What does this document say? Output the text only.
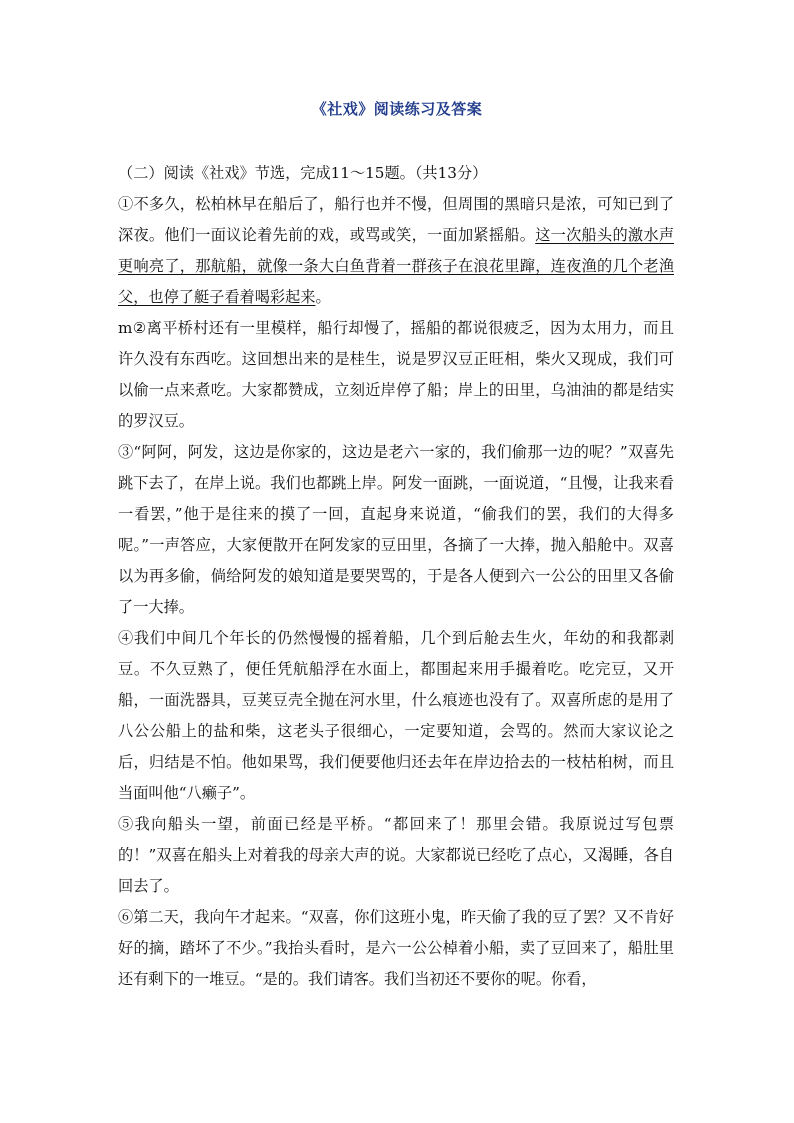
《社戏》阅读练习及答案

（二）阅读《社戏》节选，完成11～15题。（共13分）

①不多久，松柏林早在船后了，船行也并不慢，但周围的黑暗只是浓，可知已到了深夜。他们一面议论着先前的戏，或骂或笑，一面加紧摇船。这一次船头的激水声更响亮了，那航船，就像一条大白鱼背着一群孩子在浪花里蹿，连夜渔的几个老渔父，也停了艇子看着喝彩起来。

m②离平桥村还有一里模样，船行却慢了，摇船的都说很疲乏，因为太用力，而且许久没有东西吃。这回想出来的是桂生，说是罗汉豆正旺相，柴火又现成，我们可以偷一点来煮吃。大家都赞成，立刻近岸停了船；岸上的田里，乌油油的都是结实的罗汉豆。

③“阿阿，阿发，这边是你家的，这边是老六一家的，我们偷那一边的呢？”双喜先跳下去了，在岸上说。我们也都跳上岸。阿发一面跳，一面说道，“且慢，让我来看一看罢，”他于是往来的摸了一回，直起身来说道，“偷我们的罢，我们的大得多呢。”一声答应，大家便散开在阿发家的豆田里，各摘了一大捧，抛入船舱中。双喜以为再多偷，倘给阿发的娘知道是要哭骂的，于是各人便到六一公公的田里又各偷了一大捧。

④我们中间几个年长的仍然慢慢的摇着船，几个到后舱去生火，年幼的和我都剥豆。不久豆熟了，便任凭航船浮在水面上，都围起来用手撮着吃。吃完豆，又开船，一面洗器具，豆荚豆壳全抛在河水里，什么痕迹也没有了。双喜所虑的是用了八公公船上的盐和柴，这老头子很细心，一定要知道，会骂的。然而大家议论之后，归结是不怕。他如果骂，我们便要他归还去年在岸边拾去的一枝枯桕树，而且当面叫他“八癞子”。

⑤我向船头一望，前面已经是平桥。“都回来了！那里会错。我原说过写包票的！”双喜在船头上对着我的母亲大声的说。大家都说已经吃了点心，又渴睡，各自回去了。

⑥第二天，我向午才起来。“双喜，你们这班小鬼，昨天偷了我的豆了罢？又不肯好好的摘，踏坏了不少。”我抬头看时，是六一公公棹着小船，卖了豆回来了，船肚里还有剩下的一堆豆。“是的。我们请客。我们当初还不要你的呢。你看，
